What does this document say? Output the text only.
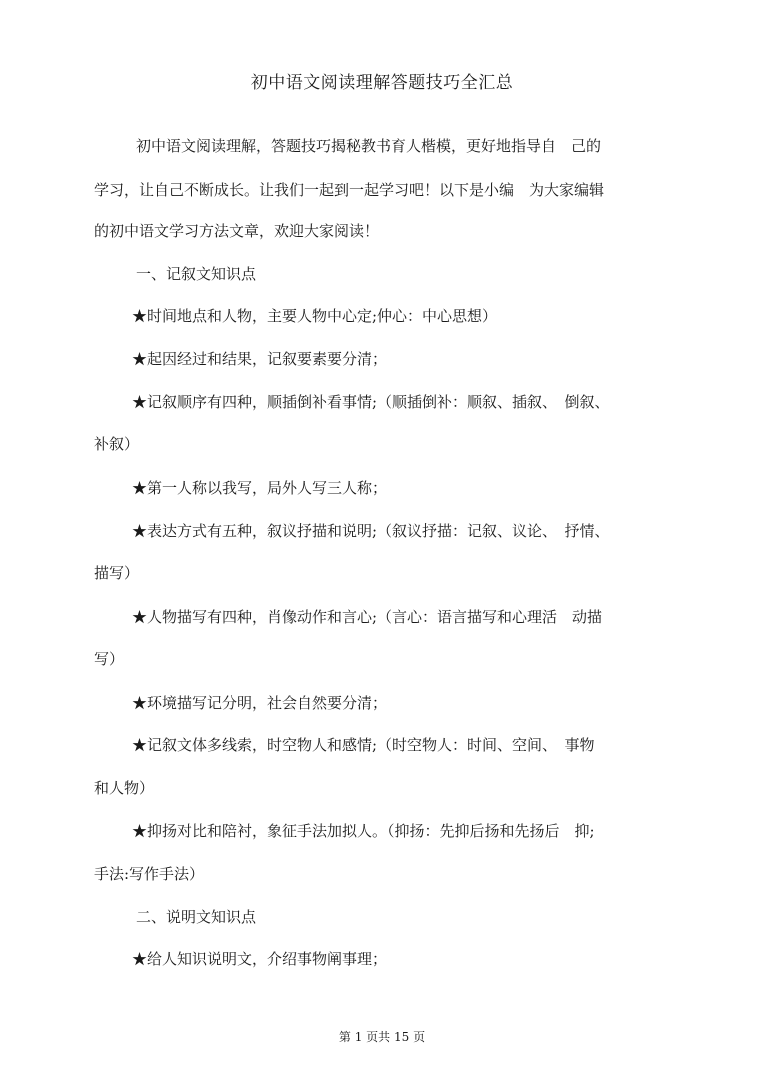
初中语文阅读理解答题技巧全汇总

初中语文阅读理解，答题技巧揭秘教书育人楷模，更好地指导自　己的

学习，让自己不断成长。让我们一起到一起学习吧！以下是小编　为大家编辑

的初中语文学习方法文章，欢迎大家阅读！

一、记叙文知识点

★时间地点和人物，主要人物中心定;仲心：中心思想）

★起因经过和结果，记叙要素要分清；

★记叙顺序有四种，顺插倒补看事情;（顺插倒补：顺叙、插叙、　倒叙、

补叙）

★第一人称以我写，局外人写三人称；

★表达方式有五种，叙议抒描和说明;（叙议抒描：记叙、议论、　抒情、

描写）

★人物描写有四种，肖像动作和言心;（言心：语言描写和心理活　动描

写）

★环境描写记分明，社会自然要分清；

★记叙文体多线索，时空物人和感情;（时空物人：时间、空间、　事物

和人物）

★抑扬对比和陪衬，象征手法加拟人。（抑扬：先抑后扬和先扬后　抑;

手法:写作手法）

二、说明文知识点

★给人知识说明文，介绍事物阐事理；

第 1 页共 15 页
